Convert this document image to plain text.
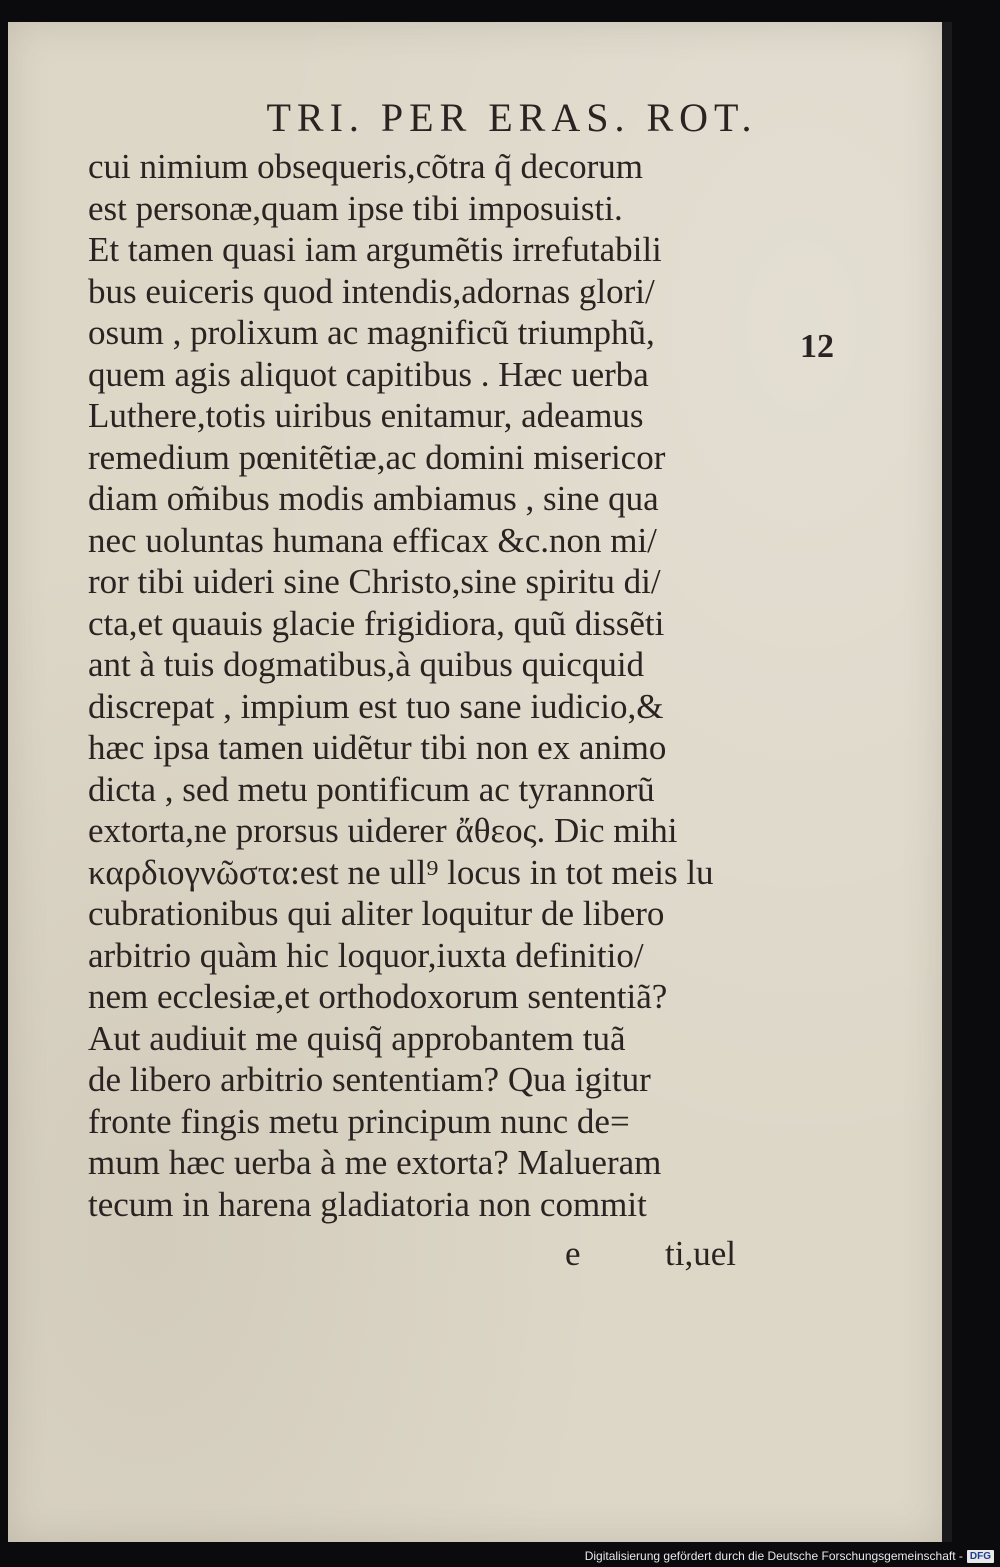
TRI. PER ERAS. ROT.
12
cui nimium obsequeris,cõtra q̃ decorum
est personæ,quam ipse tibi imposuisti.
Et tamen quasi iam argumẽtis irrefutabili
bus euiceris quod intendis,adornas glori/
osum , prolixum ac magnificũ triumphũ,
quem agis aliquot capitibus . Hæc uerba
Luthere,totis uiribus enitamur, adeamus
remedium pœnitẽtiæ,ac domini misericor
diam om̃ibus modis ambiamus , sine qua
nec uoluntas humana efficax &c.non mi/
ror tibi uideri sine Christo,sine spiritu di/
cta,et quauis glacie frigidiora, quũ dissẽti
ant à tuis dogmatibus,à quibus quicquid
discrepat , impium est tuo sane iudicio,&
hæc ipsa tamen uidẽtur tibi non ex animo
dicta , sed metu pontificum ac tyrannorũ
extorta,ne prorsus uiderer ἄθεος. Dic mihi
καρδιογνῶστα:est ne ull⁹ locus in tot meis lu
cubrationibus qui aliter loquitur de libero
arbitrio quàm hic loquor,iuxta definitio/
nem ecclesiæ,et orthodoxorum sententiã?
Aut audiuit me quisq̃ approbantem tuã
de libero arbitrio sententiam? Qua igitur
fronte fingis metu principum nunc de=
mum hæc uerba à me extorta? Malueram
tecum in harena gladiatoria non commit
e ti,uel
Digitalisierung gefördert durch die Deutsche Forschungsgemeinschaft - DFG
